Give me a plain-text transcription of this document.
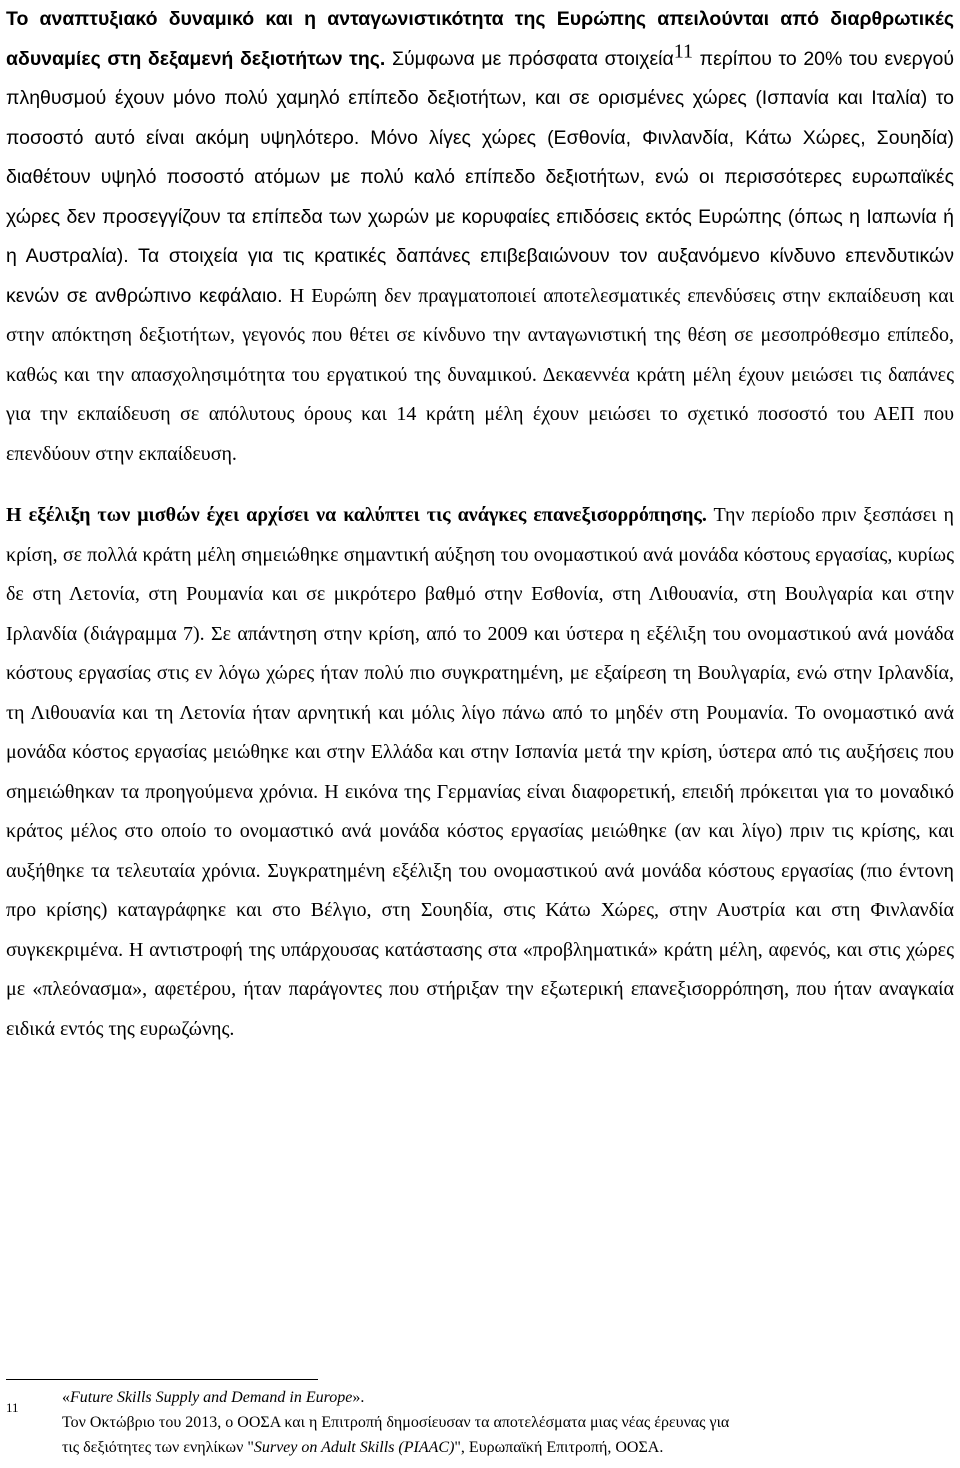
Το αναπτυξιακό δυναμικό και η ανταγωνιστικότητα της Ευρώπης απειλούνται από διαρθρωτικές αδυναμίες στη δεξαμενή δεξιοτήτων της. Σύμφωνα με πρόσφατα στοιχεία$^{11}$ περίπου το 20% του ενεργού πληθυσμού έχουν μόνο πολύ χαμηλό επίπεδο δεξιοτήτων, και σε ορισμένες χώρες (Ισπανία και Ιταλία) το ποσοστό αυτό είναι ακόμη υψηλότερο. Μόνο λίγες χώρες (Εσθονία, Φινλανδία, Κάτω Χώρες, Σουηδία) διαθέτουν υψηλό ποσοστό ατόμων με πολύ καλό επίπεδο δεξιοτήτων, ενώ οι περισσότερες ευρωπαϊκές χώρες δεν προσεγγίζουν τα επίπεδα των χωρών με κορυφαίες επιδόσεις εκτός Ευρώπης (όπως η Ιαπωνία ή η Αυστραλία). Τα στοιχεία για τις κρατικές δαπάνες επιβεβαιώνουν τον αυξανόμενο κίνδυνο επενδυτικών κενών σε ανθρώπινο κεφάλαιο. Η Ευρώπη δεν πραγματοποιεί αποτελεσματικές επενδύσεις στην εκπαίδευση και στην απόκτηση δεξιοτήτων, γεγονός που θέτει σε κίνδυνο την ανταγωνιστική της θέση σε μεσοπρόθεσμο επίπεδο, καθώς και την απασχολησιμότητα του εργατικού της δυναμικού. Δεκαεννέα κράτη μέλη έχουν μειώσει τις δαπάνες για την εκπαίδευση σε απόλυτους όρους και 14 κράτη μέλη έχουν μειώσει το σχετικό ποσοστό του ΑΕΠ που επενδύουν στην εκπαίδευση.

Η εξέλιξη των μισθών έχει αρχίσει να καλύπτει τις ανάγκες επανεξισορρόπησης. Την περίοδο πριν ξεσπάσει η κρίση, σε πολλά κράτη μέλη σημειώθηκε σημαντική αύξηση του ονομαστικού ανά μονάδα κόστους εργασίας, κυρίως δε στη Λετονία, στη Ρουμανία και σε μικρότερο βαθμό στην Εσθονία, στη Λιθουανία, στη Βουλγαρία και στην Ιρλανδία (διάγραμμα 7). Σε απάντηση στην κρίση, από το 2009 και ύστερα η εξέλιξη του ονομαστικού ανά μονάδα κόστους εργασίας στις εν λόγω χώρες ήταν πολύ πιο συγκρατημένη, με εξαίρεση τη Βουλγαρία, ενώ στην Ιρλανδία, τη Λιθουανία και τη Λετονία ήταν αρνητική και μόλις λίγο πάνω από το μηδέν στη Ρουμανία. Το ονομαστικό ανά μονάδα κόστος εργασίας μειώθηκε και στην Ελλάδα και στην Ισπανία μετά την κρίση, ύστερα από τις αυξήσεις που σημειώθηκαν τα προηγούμενα χρόνια. Η εικόνα της Γερμανίας είναι διαφορετική, επειδή πρόκειται για το μοναδικό κράτος μέλος στο οποίο το ονομαστικό ανά μονάδα κόστος εργασίας μειώθηκε (αν και λίγο) πριν τις κρίσης, και αυξήθηκε τα τελευταία χρόνια. Συγκρατημένη εξέλιξη του ονομαστικού ανά μονάδα κόστους εργασίας (πιο έντονη προ κρίσης) καταγράφηκε και στο Βέλγιο, στη Σουηδία, στις Κάτω Χώρες, στην Αυστρία και στη Φινλανδία συγκεκριμένα. Η αντιστροφή της υπάρχουσας κατάστασης στα «προβληματικά» κράτη μέλη, αφενός, και στις χώρες με «πλεόνασμα», αφετέρου, ήταν παράγοντες που στήριξαν την εξωτερική επανεξισορρόπηση, που ήταν αναγκαία ειδικά εντός της ευρωζώνης.

11
«Future Skills Supply and Demand in Europe».
Τον Οκτώβριο του 2013, ο ΟΟΣΑ και η Επιτροπή δημοσίευσαν τα αποτελέσματα μιας νέας έρευνας για
τις δεξιότητες των ενηλίκων "Survey on Adult Skills (PIAAC)", Ευρωπαϊκή Επιτροπή, ΟΟΣΑ.
